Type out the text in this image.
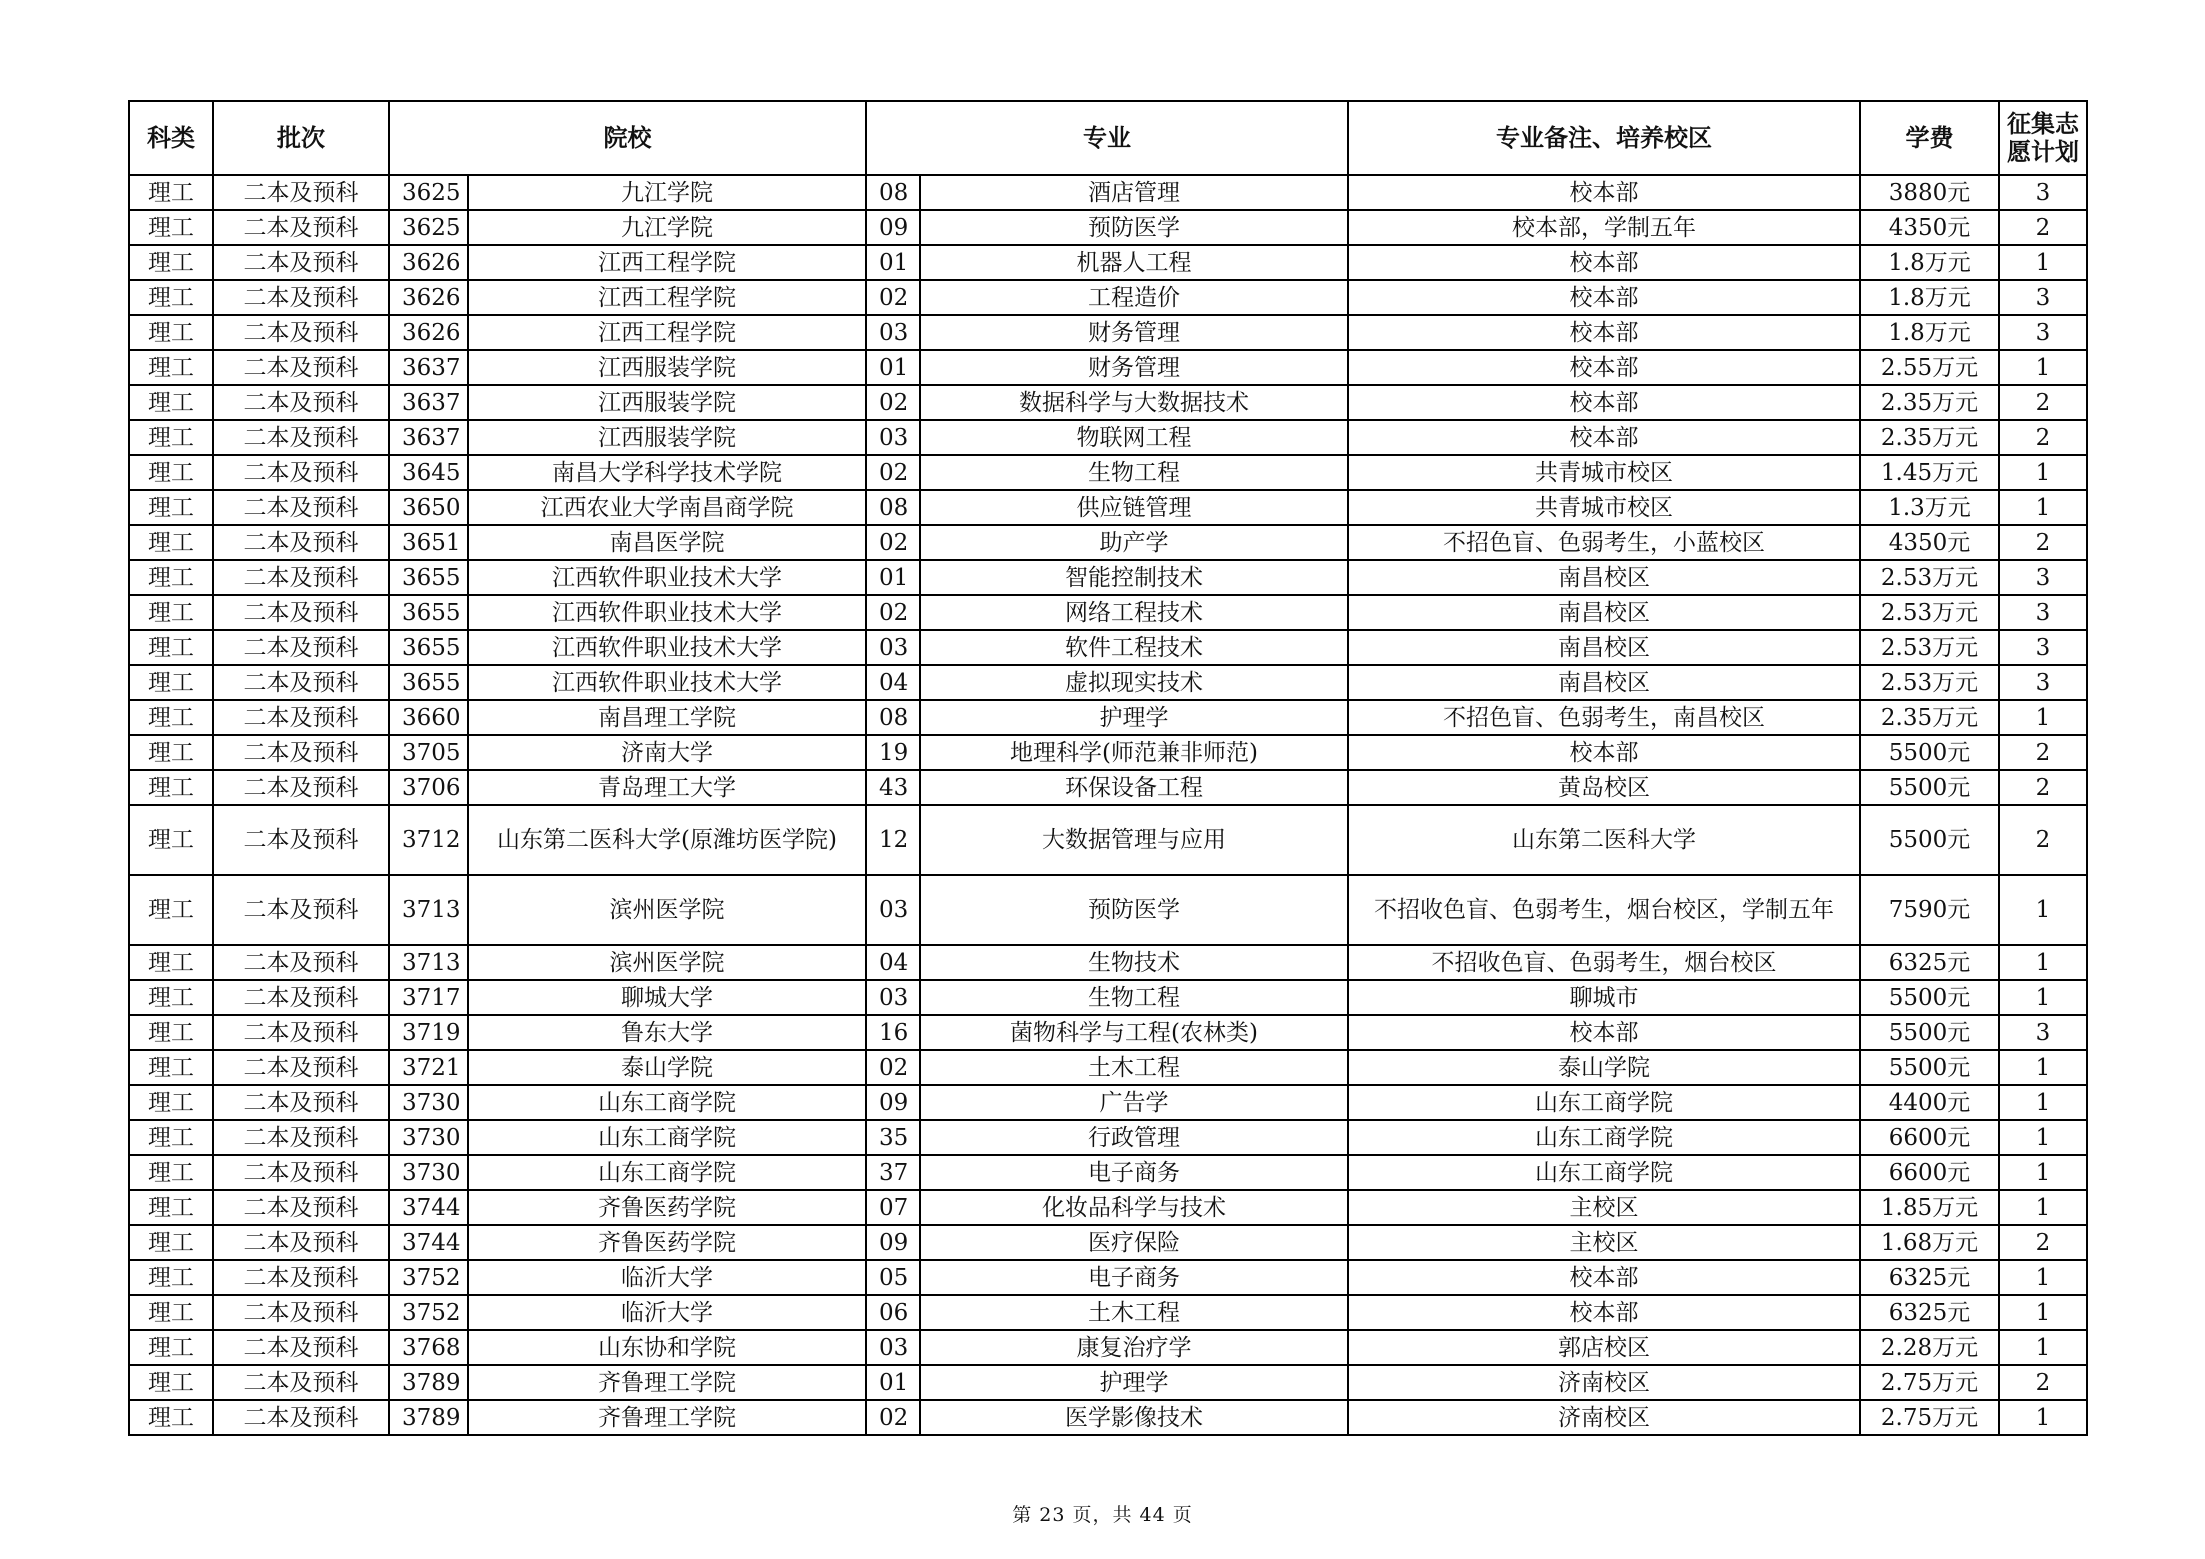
科类	批次	院校		专业		专业备注、培养校区	学费	征集志愿计划
理工	二本及预科	3625	九江学院	08	酒店管理	校本部	3880元	3
理工	二本及预科	3625	九江学院	09	预防医学	校本部，学制五年	4350元	2
理工	二本及预科	3626	江西工程学院	01	机器人工程	校本部	1.8万元	1
理工	二本及预科	3626	江西工程学院	02	工程造价	校本部	1.8万元	3
理工	二本及预科	3626	江西工程学院	03	财务管理	校本部	1.8万元	3
理工	二本及预科	3637	江西服装学院	01	财务管理	校本部	2.55万元	1
理工	二本及预科	3637	江西服装学院	02	数据科学与大数据技术	校本部	2.35万元	2
理工	二本及预科	3637	江西服装学院	03	物联网工程	校本部	2.35万元	2
理工	二本及预科	3645	南昌大学科学技术学院	02	生物工程	共青城市校区	1.45万元	1
理工	二本及预科	3650	江西农业大学南昌商学院	08	供应链管理	共青城市校区	1.3万元	1
理工	二本及预科	3651	南昌医学院	02	助产学	不招色盲、色弱考生，小蓝校区	4350元	2
理工	二本及预科	3655	江西软件职业技术大学	01	智能控制技术	南昌校区	2.53万元	3
理工	二本及预科	3655	江西软件职业技术大学	02	网络工程技术	南昌校区	2.53万元	3
理工	二本及预科	3655	江西软件职业技术大学	03	软件工程技术	南昌校区	2.53万元	3
理工	二本及预科	3655	江西软件职业技术大学	04	虚拟现实技术	南昌校区	2.53万元	3
理工	二本及预科	3660	南昌理工学院	08	护理学	不招色盲、色弱考生，南昌校区	2.35万元	1
理工	二本及预科	3705	济南大学	19	地理科学(师范兼非师范)	校本部	5500元	2
理工	二本及预科	3706	青岛理工大学	43	环保设备工程	黄岛校区	5500元	2
理工	二本及预科	3712	山东第二医科大学(原潍坊医学院)	12	大数据管理与应用	山东第二医科大学	5500元	2
理工	二本及预科	3713	滨州医学院	03	预防医学	不招收色盲、色弱考生，烟台校区，学制五年	7590元	1
理工	二本及预科	3713	滨州医学院	04	生物技术	不招收色盲、色弱考生，烟台校区	6325元	1
理工	二本及预科	3717	聊城大学	03	生物工程	聊城市	5500元	1
理工	二本及预科	3719	鲁东大学	16	菌物科学与工程(农林类)	校本部	5500元	3
理工	二本及预科	3721	泰山学院	02	土木工程	泰山学院	5500元	1
理工	二本及预科	3730	山东工商学院	09	广告学	山东工商学院	4400元	1
理工	二本及预科	3730	山东工商学院	35	行政管理	山东工商学院	6600元	1
理工	二本及预科	3730	山东工商学院	37	电子商务	山东工商学院	6600元	1
理工	二本及预科	3744	齐鲁医药学院	07	化妆品科学与技术	主校区	1.85万元	1
理工	二本及预科	3744	齐鲁医药学院	09	医疗保险	主校区	1.68万元	2
理工	二本及预科	3752	临沂大学	05	电子商务	校本部	6325元	1
理工	二本及预科	3752	临沂大学	06	土木工程	校本部	6325元	1
理工	二本及预科	3768	山东协和学院	03	康复治疗学	郭店校区	2.28万元	1
理工	二本及预科	3789	齐鲁理工学院	01	护理学	济南校区	2.75万元	2
理工	二本及预科	3789	齐鲁理工学院	02	医学影像技术	济南校区	2.75万元	1
第 23 页，共 44 页
